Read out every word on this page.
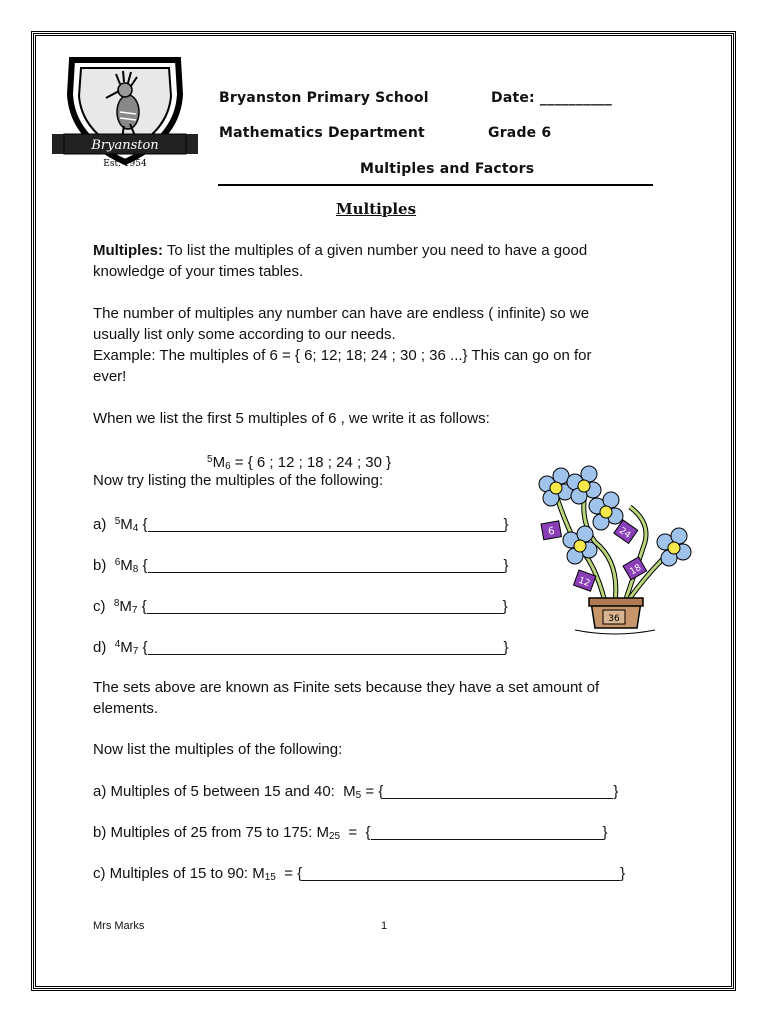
Bryanston
Est. 1954
Bryanston Primary School	Date: __________
Mathematics Department	Grade 6
Multiples and Factors
Multiples
Multiples: To list the multiples of a given number you need to have a good
knowledge of your times tables.
The number of multiples any number can have are endless ( infinite) so we
usually list only some according to our needs.
Example: The multiples of 6 = { 6; 12; 18; 24 ; 30 ; 36 ...} This can go on for
ever!
When we list the first 5 multiples of 6 , we write it as follows:
$^5M_6$ = { 6 ; 12 ; 18 ; 24 ; 30 }
Now try listing the multiples of the following:
a) $^5M_4$ {	}
b) $^6M_8$ {	}
c) $^8M_7$ {	}
d) $^4M_7$ {	}
6	24
12
18
36
The sets above are known as Finite sets because they have a set amount of
elements.
Now list the multiples of the following:
a) Multiples of 5 between 15 and 40:  $M_5$ = {	}
b) Multiples of 25 from 75 to 175: $M_{25}$  =  {	}
c) Multiples of 15 to 90: $M_{15}$  = {	}
Mrs Marks	1
